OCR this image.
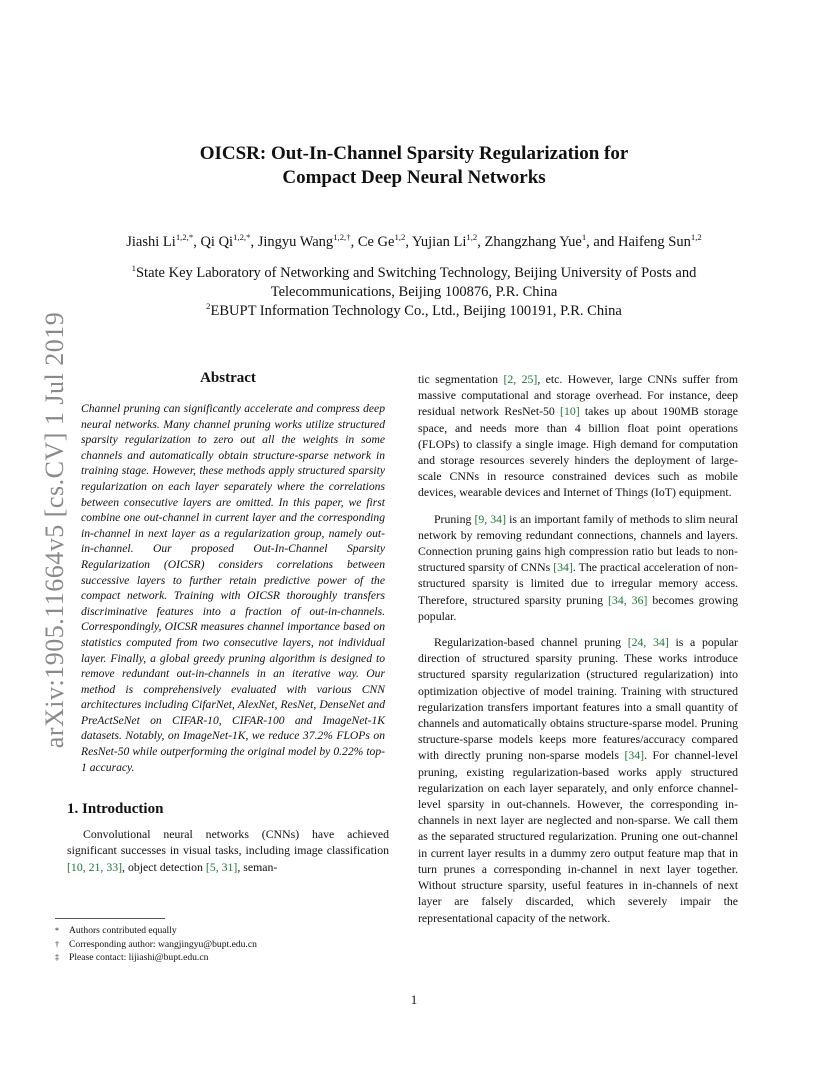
arXiv:1905.11664v5 [cs.CV] 1 Jul 2019
OICSR: Out-In-Channel Sparsity Regularization for
Compact Deep Neural Networks
Jiashi $Li^{1,2,*}$, Qi $Qi^{1,2,*}$, Jingyu Wang$^{1,2,\dagger}$, Ce Ge$^{1,2}$, Yujian Li$^{1,2}$, Zhangzhang Yue$^1$, and Haifeng Sun$^{1,2}$
$^1$State Key Laboratory of Networking and Switching Technology, Beijing University of Posts and
Telecommunications, Beijing 100876, P.R. China
$^2$EBUPT Information Technology Co., Ltd., Beijing 100191, P.R. China
Abstract

Channel pruning can significantly accelerate and compress deep neural networks. Many channel pruning works utilize structured sparsity regularization to zero out all the weights in some channels and automatically obtain structure-sparse network in training stage. However, these methods apply structured sparsity regularization on each layer separately where the correlations between consecutive layers are omitted. In this paper, we first combine one out-channel in current layer and the corresponding in-channel in next layer as a regularization group, namely out-in-channel. Our proposed Out-In-Channel Sparsity Regularization (OICSR) considers correlations between successive layers to further retain predictive power of the compact network. Training with OICSR thoroughly transfers discriminative features into a fraction of out-in-channels. Correspondingly, OICSR measures channel importance based on statistics computed from two consecutive layers, not individual layer. Finally, a global greedy pruning algorithm is designed to remove redundant out-in-channels in an iterative way. Our method is comprehensively evaluated with various CNN architectures including CifarNet, AlexNet, ResNet, DenseNet and PreActSeNet on CIFAR-10, CIFAR-100 and ImageNet-1K datasets. Notably, on ImageNet-1K, we reduce 37.2% FLOPs on ResNet-50 while outperforming the original model by 0.22% top-1 accuracy.

1. Introduction

Convolutional neural networks (CNNs) have achieved significant successes in visual tasks, including image classification [10, 21, 33], object detection [5, 31], seman-

tic segmentation [2, 25], etc. However, large CNNs suffer from massive computational and storage overhead. For instance, deep residual network ResNet-50 [10] takes up about 190MB storage space, and needs more than 4 billion float point operations (FLOPs) to classify a single image. High demand for computation and storage resources severely hinders the deployment of large-scale CNNs in resource constrained devices such as mobile devices, wearable devices and Internet of Things (IoT) equipment.

Pruning [9, 34] is an important family of methods to slim neural network by removing redundant connections, channels and layers. Connection pruning gains high compression ratio but leads to non-structured sparsity of CNNs [34]. The practical acceleration of non-structured sparsity is limited due to irregular memory access. Therefore, structured sparsity pruning [34, 36] becomes growing popular.

Regularization-based channel pruning [24, 34] is a popular direction of structured sparsity pruning. These works introduce structured sparsity regularization (structured regularization) into optimization objective of model training. Training with structured regularization transfers important features into a small quantity of channels and automatically obtains structure-sparse model. Pruning structure-sparse models keeps more features/accuracy compared with directly pruning non-sparse models [34]. For channel-level pruning, existing regularization-based works apply structured regularization on each layer separately, and only enforce channel-level sparsity in out-channels. However, the corresponding in-channels in next layer are neglected and non-sparse. We call them as the separated structured regularization. Pruning one out-channel in current layer results in a dummy zero output feature map that in turn prunes a corresponding in-channel in next layer together. Without structure sparsity, useful features in in-channels of next layer are falsely discarded, which severely impair the representational capacity of the network.

* Authors contributed equally
† Corresponding author: wangjingyu@bupt.edu.cn
‡ Please contact: lijiashi@bupt.edu.cn
1
